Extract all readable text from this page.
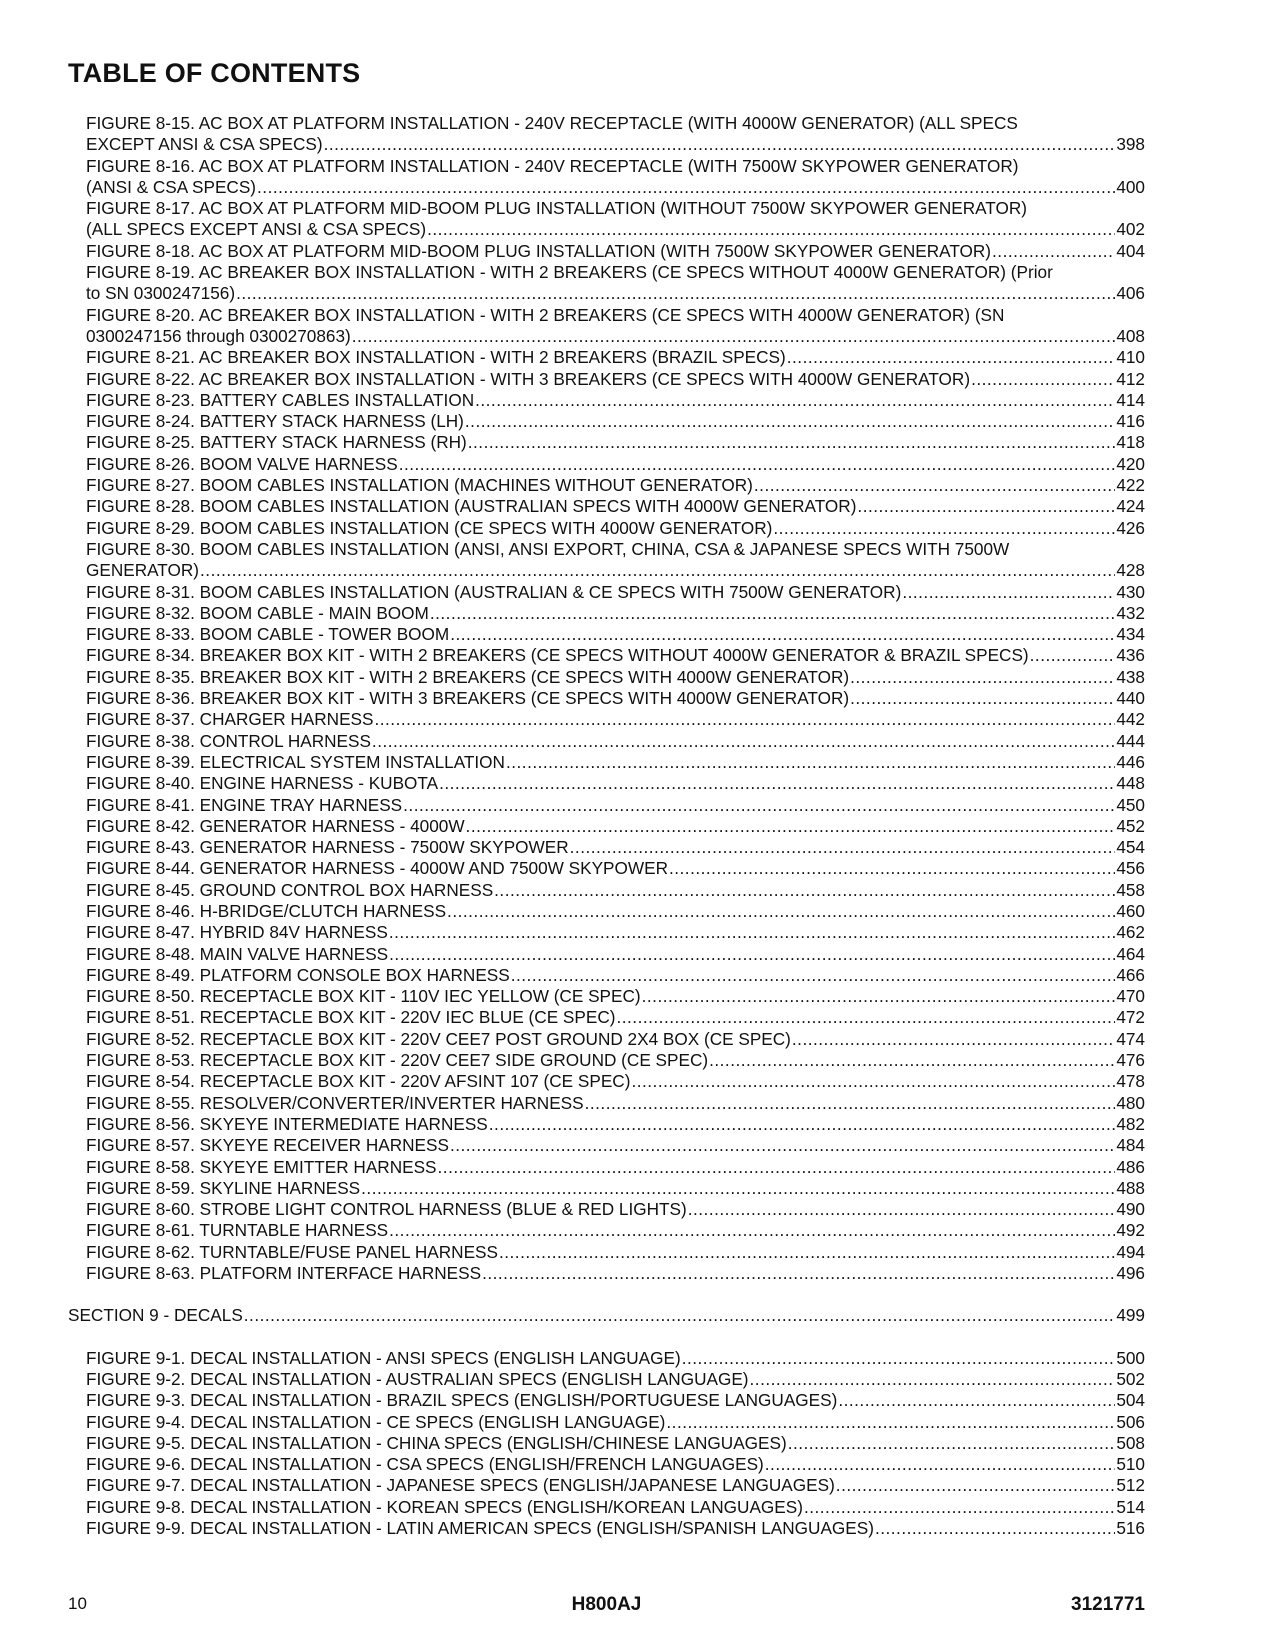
TABLE OF CONTENTS
FIGURE 8-15. AC BOX AT PLATFORM INSTALLATION - 240V RECEPTACLE (WITH 4000W GENERATOR) (ALL SPECS
EXCEPT ANSI & CSA SPECS) .....	398
FIGURE 8-16. AC BOX AT PLATFORM INSTALLATION - 240V RECEPTACLE (WITH 7500W SKYPOWER GENERATOR)
(ANSI & CSA SPECS) .....	400
FIGURE 8-17. AC BOX AT PLATFORM MID-BOOM PLUG INSTALLATION (WITHOUT 7500W SKYPOWER GENERATOR)
(ALL SPECS EXCEPT ANSI & CSA SPECS) .....	402
FIGURE 8-18. AC BOX AT PLATFORM MID-BOOM PLUG INSTALLATION (WITH 7500W SKYPOWER GENERATOR) .....	404
FIGURE 8-19. AC BREAKER BOX INSTALLATION - WITH 2 BREAKERS (CE SPECS WITHOUT 4000W GENERATOR) (Prior
to SN 0300247156) .....	406
FIGURE 8-20. AC BREAKER BOX INSTALLATION - WITH 2 BREAKERS (CE SPECS WITH 4000W GENERATOR) (SN
0300247156 through 0300270863) .....	408
FIGURE 8-21. AC BREAKER BOX INSTALLATION - WITH 2 BREAKERS (BRAZIL SPECS) .....	410
FIGURE 8-22. AC BREAKER BOX INSTALLATION - WITH 3 BREAKERS (CE SPECS WITH 4000W GENERATOR) .....	412
FIGURE 8-23. BATTERY CABLES INSTALLATION .....	414
FIGURE 8-24. BATTERY STACK HARNESS (LH) .....	416
FIGURE 8-25. BATTERY STACK HARNESS (RH) .....	418
FIGURE 8-26. BOOM VALVE HARNESS .....	420
FIGURE 8-27. BOOM CABLES INSTALLATION (MACHINES WITHOUT GENERATOR) .....	422
FIGURE 8-28. BOOM CABLES INSTALLATION (AUSTRALIAN SPECS WITH 4000W GENERATOR) .....	424
FIGURE 8-29. BOOM CABLES INSTALLATION (CE SPECS WITH 4000W GENERATOR) .....	426
FIGURE 8-30. BOOM CABLES INSTALLATION (ANSI, ANSI EXPORT, CHINA, CSA & JAPANESE SPECS WITH 7500W
GENERATOR) .....	428
FIGURE 8-31. BOOM CABLES INSTALLATION (AUSTRALIAN & CE SPECS WITH 7500W GENERATOR) .....	430
FIGURE 8-32. BOOM CABLE - MAIN BOOM .....	432
FIGURE 8-33. BOOM CABLE - TOWER BOOM .....	434
FIGURE 8-34. BREAKER BOX KIT - WITH 2 BREAKERS (CE SPECS WITHOUT 4000W GENERATOR & BRAZIL SPECS) .....	436
FIGURE 8-35. BREAKER BOX KIT - WITH 2 BREAKERS (CE SPECS WITH 4000W GENERATOR) .....	438
FIGURE 8-36. BREAKER BOX KIT - WITH 3 BREAKERS (CE SPECS WITH 4000W GENERATOR) .....	440
FIGURE 8-37. CHARGER HARNESS .....	442
FIGURE 8-38. CONTROL HARNESS .....	444
FIGURE 8-39. ELECTRICAL SYSTEM INSTALLATION .....	446
FIGURE 8-40. ENGINE HARNESS - KUBOTA .....	448
FIGURE 8-41. ENGINE TRAY HARNESS .....	450
FIGURE 8-42. GENERATOR HARNESS - 4000W .....	452
FIGURE 8-43. GENERATOR HARNESS - 7500W SKYPOWER .....	454
FIGURE 8-44. GENERATOR HARNESS - 4000W AND 7500W SKYPOWER .....	456
FIGURE 8-45. GROUND CONTROL BOX HARNESS .....	458
FIGURE 8-46. H-BRIDGE/CLUTCH HARNESS .....	460
FIGURE 8-47. HYBRID 84V HARNESS .....	462
FIGURE 8-48. MAIN VALVE HARNESS .....	464
FIGURE 8-49. PLATFORM CONSOLE BOX HARNESS .....	466
FIGURE 8-50. RECEPTACLE BOX KIT - 110V IEC YELLOW (CE SPEC) .....	470
FIGURE 8-51. RECEPTACLE BOX KIT - 220V IEC BLUE (CE SPEC) .....	472
FIGURE 8-52. RECEPTACLE BOX KIT - 220V CEE7 POST GROUND 2X4 BOX (CE SPEC) .....	474
FIGURE 8-53. RECEPTACLE BOX KIT - 220V CEE7 SIDE GROUND (CE SPEC) .....	476
FIGURE 8-54. RECEPTACLE BOX KIT - 220V AFSINT 107 (CE SPEC) .....	478
FIGURE 8-55. RESOLVER/CONVERTER/INVERTER HARNESS .....	480
FIGURE 8-56. SKYEYE INTERMEDIATE HARNESS .....	482
FIGURE 8-57. SKYEYE RECEIVER HARNESS .....	484
FIGURE 8-58. SKYEYE EMITTER HARNESS .....	486
FIGURE 8-59. SKYLINE HARNESS .....	488
FIGURE 8-60. STROBE LIGHT CONTROL HARNESS (BLUE & RED LIGHTS) .....	490
FIGURE 8-61. TURNTABLE HARNESS .....	492
FIGURE 8-62. TURNTABLE/FUSE PANEL HARNESS .....	494
FIGURE 8-63. PLATFORM INTERFACE HARNESS .....	496
SECTION 9 - DECALS .....	499
FIGURE 9-1. DECAL INSTALLATION - ANSI SPECS (ENGLISH LANGUAGE) .....	500
FIGURE 9-2. DECAL INSTALLATION - AUSTRALIAN SPECS (ENGLISH LANGUAGE) .....	502
FIGURE 9-3. DECAL INSTALLATION - BRAZIL SPECS (ENGLISH/PORTUGUESE LANGUAGES) .....	504
FIGURE 9-4. DECAL INSTALLATION - CE SPECS (ENGLISH LANGUAGE) .....	506
FIGURE 9-5. DECAL INSTALLATION - CHINA SPECS (ENGLISH/CHINESE LANGUAGES) .....	508
FIGURE 9-6. DECAL INSTALLATION - CSA SPECS (ENGLISH/FRENCH LANGUAGES) .....	510
FIGURE 9-7. DECAL INSTALLATION - JAPANESE SPECS (ENGLISH/JAPANESE LANGUAGES) .....	512
FIGURE 9-8. DECAL INSTALLATION - KOREAN SPECS (ENGLISH/KOREAN LANGUAGES) .....	514
FIGURE 9-9. DECAL INSTALLATION - LATIN AMERICAN SPECS (ENGLISH/SPANISH LANGUAGES) .....	516
10	H800AJ	3121771
